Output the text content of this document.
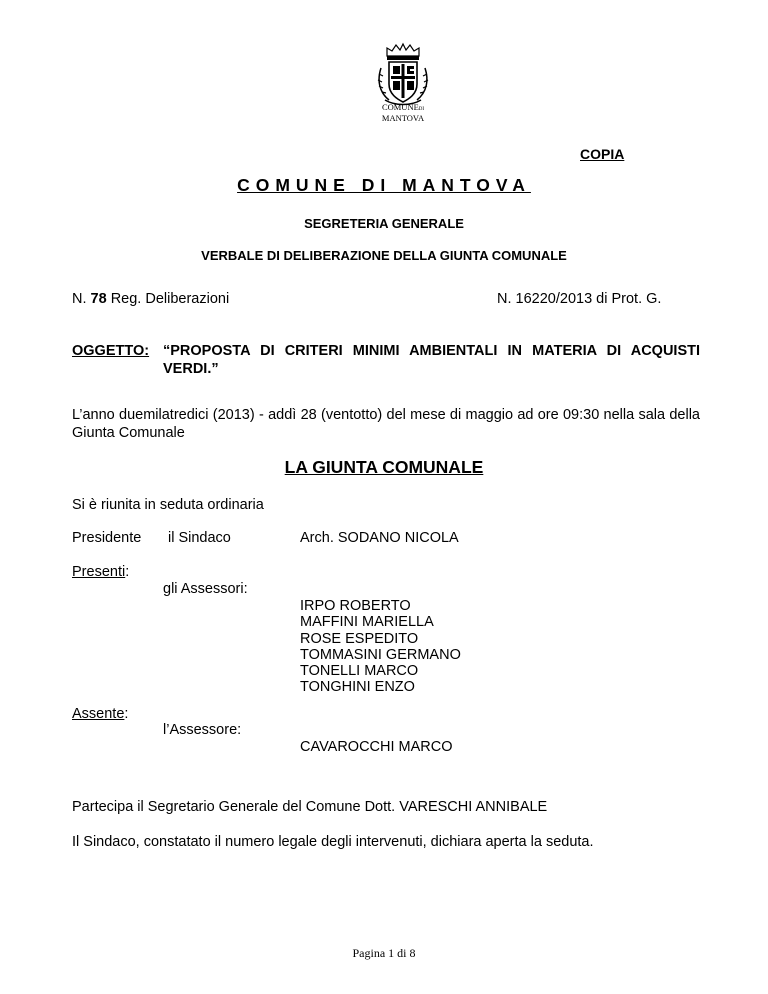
COMUNEDI
MANTOVA
COPIA
COMUNE DI MANTOVA
SEGRETERIA GENERALE
VERBALE DI DELIBERAZIONE DELLA GIUNTA COMUNALE
N. 78 Reg. Deliberazioni	N. 16220/2013 di Prot. G.
OGGETTO: “PROPOSTA DI CRITERI MINIMI AMBIENTALI IN MATERIA DI ACQUISTI
VERDI.”
L’anno duemilatredici (2013) - addì 28 (ventotto) del mese di maggio ad ore 09:30 nella sala della Giunta Comunale
LA GIUNTA COMUNALE
Si è riunita in seduta ordinaria
Presidente il Sindaco	Arch. SODANO NICOLA
Presenti:
gli Assessori:
IRPO ROBERTO
MAFFINI MARIELLA
ROSE ESPEDITO
TOMMASINI GERMANO
TONELLI MARCO
TONGHINI ENZO
Assente:
l’Assessore:
CAVAROCCHI MARCO
Partecipa il Segretario Generale del Comune Dott. VARESCHI ANNIBALE
Il Sindaco, constatato il numero legale degli intervenuti, dichiara aperta la seduta.
Pagina 1 di 8
